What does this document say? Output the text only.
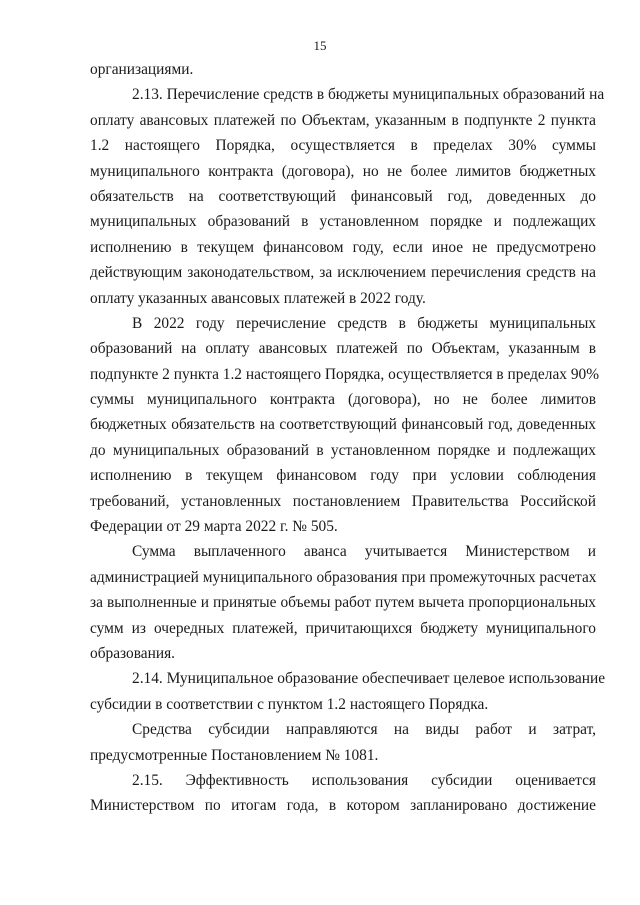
15
организациями.
2.13. Перечисление средств в бюджеты муниципальных образований на
оплату авансовых платежей по Объектам, указанным в подпункте 2 пункта
1.2 настоящего Порядка, осуществляется в пределах 30% суммы
муниципального контракта (договора), но не более лимитов бюджетных
обязательств на соответствующий финансовый год, доведенных до
муниципальных образований в установленном порядке и подлежащих
исполнению в текущем финансовом году, если иное не предусмотрено
действующим законодательством, за исключением перечисления средств на
оплату указанных авансовых платежей в 2022 году.
В 2022 году перечисление средств в бюджеты муниципальных
образований на оплату авансовых платежей по Объектам, указанным в
подпункте 2 пункта 1.2 настоящего Порядка, осуществляется в пределах 90%
суммы муниципального контракта (договора), но не более лимитов
бюджетных обязательств на соответствующий финансовый год, доведенных
до муниципальных образований в установленном порядке и подлежащих
исполнению в текущем финансовом году при условии соблюдения
требований, установленных постановлением Правительства Российской
Федерации от 29 марта 2022 г. № 505.
Сумма выплаченного аванса учитывается Министерством и
администрацией муниципального образования при промежуточных расчетах
за выполненные и принятые объемы работ путем вычета пропорциональных
сумм из очередных платежей, причитающихся бюджету муниципального
образования.
2.14. Муниципальное образование обеспечивает целевое использование
субсидии в соответствии с пунктом 1.2 настоящего Порядка.
Средства субсидии направляются на виды работ и затрат,
предусмотренные Постановлением № 1081.
2.15. Эффективность использования субсидии оценивается
Министерством по итогам года, в котором запланировано достижение
